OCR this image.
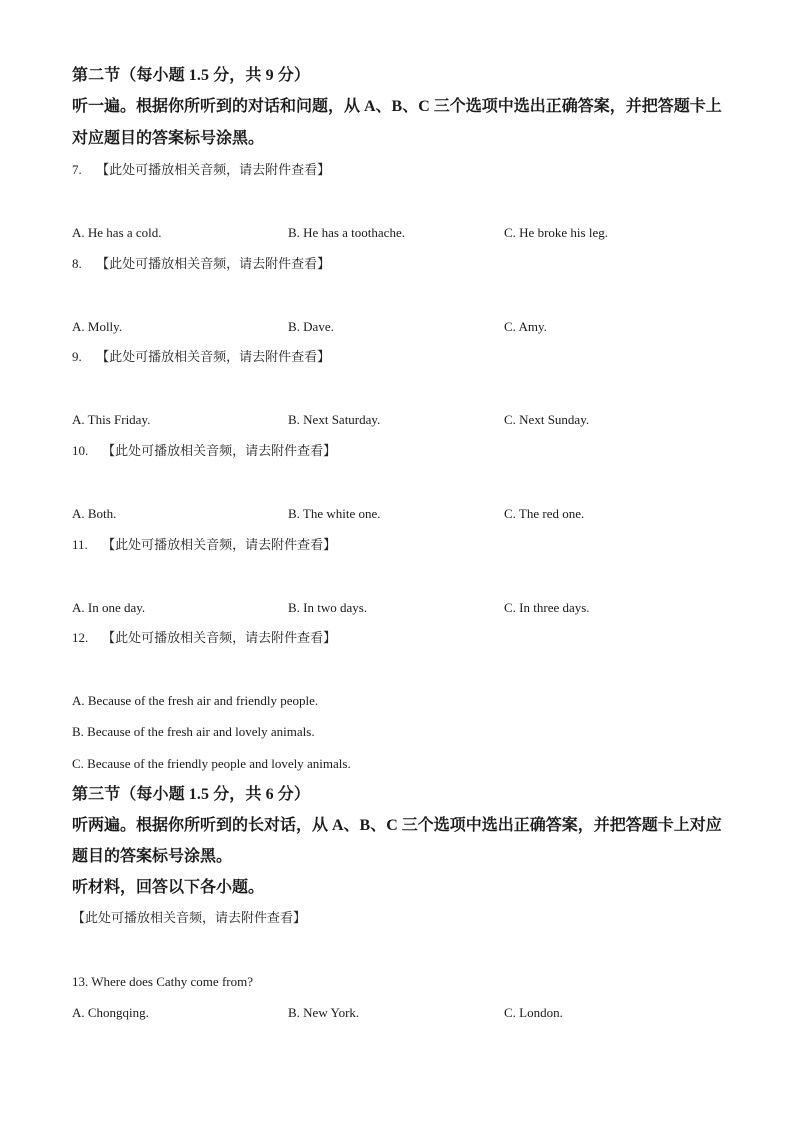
第二节（每小题 1.5 分，共 9 分）
听一遍。根据你所听到的对话和问题，从 A、B、C 三个选项中选出正确答案，并把答题卡上
对应题目的答案标号涂黑。
7. 【此处可播放相关音频，请去附件查看】
A. He has a cold.	B. He has a toothache.	C. He broke his leg.
8. 【此处可播放相关音频，请去附件查看】
A. Molly.	B. Dave.	C. Amy.
9. 【此处可播放相关音频，请去附件查看】
A. This Friday.	B. Next Saturday.	C. Next Sunday.
10. 【此处可播放相关音频，请去附件查看】
A. Both.	B. The white one.	C. The red one.
11. 【此处可播放相关音频，请去附件查看】
A. In one day.	B. In two days.	C. In three days.
12. 【此处可播放相关音频，请去附件查看】
A. Because of the fresh air and friendly people.
B. Because of the fresh air and lovely animals.
C. Because of the friendly people and lovely animals.
第三节（每小题 1.5 分，共 6 分）
听两遍。根据你所听到的长对话，从 A、B、C 三个选项中选出正确答案，并把答题卡上对应
题目的答案标号涂黑。
听材料，回答以下各小题。
【此处可播放相关音频，请去附件查看】
13. Where does Cathy come from?
A. Chongqing.	B. New York.	C. London.
